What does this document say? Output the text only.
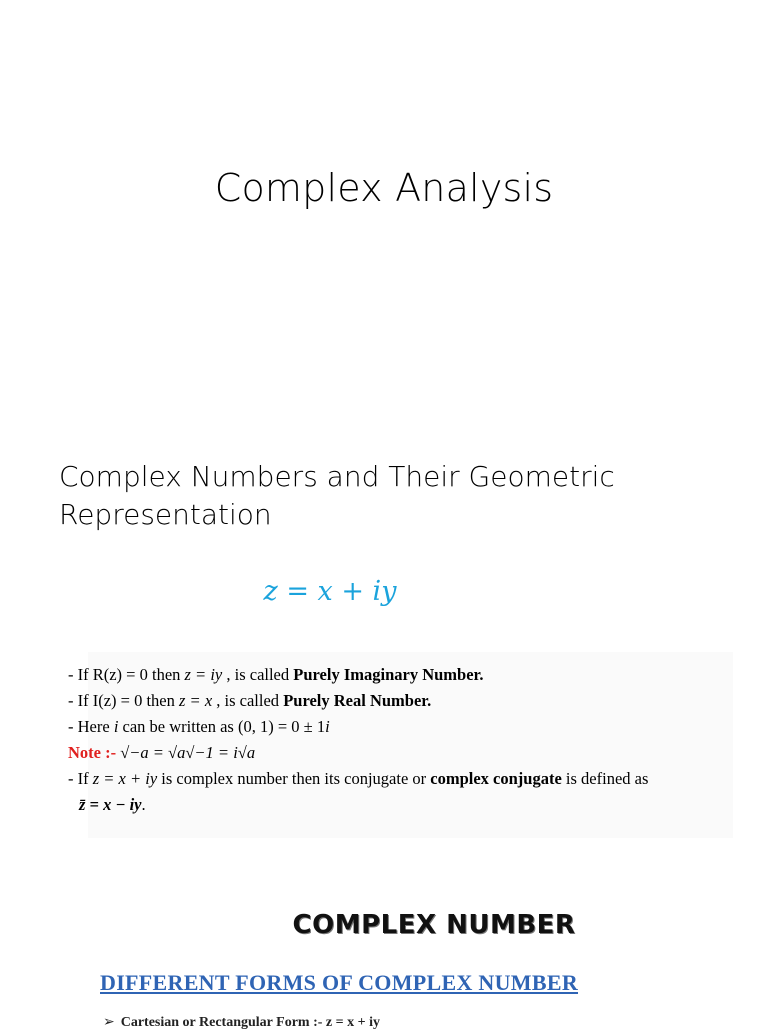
Complex Analysis
Complex Numbers and Their Geometric Representation
z = x + iy
- If R(z) = 0 then z = iy , is called Purely Imaginary Number.
- If I(z) = 0 then z = x , is called Purely Real Number.
- Here i can be written as (0, 1) = 0 ± 1i
Note :- √−a = √a√−1 = i√a
- If z = x + iy is complex number then its conjugate or complex conjugate is defined as
z̄ = x − iy.
COMPLEX NUMBER
DIFFERENT FORMS OF COMPLEX NUMBER
➢ Cartesian or Rectangular Form :- z = x + iy
